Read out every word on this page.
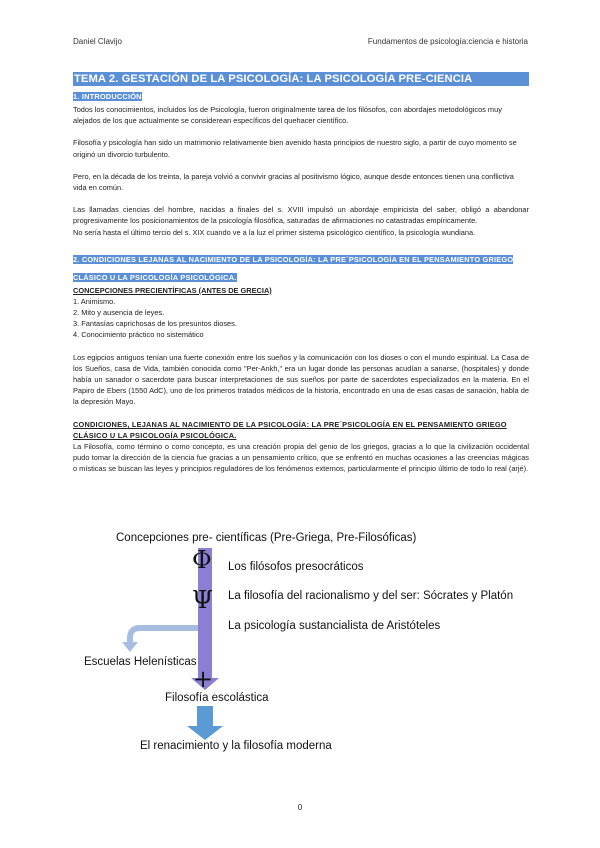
Daniel Clavijo	Fundamentos de psicología:ciencia e historia
TEMA 2. GESTACIÓN DE LA PSICOLOGÍA: LA PSICOLOGÍA PRE-CIENCIA
1. INTRODUCCIÓN

Todos los conocimientos, incluidos los de Psicología, fueron originalmente tarea de los filósofos, con abordajes metodológicos muy alejados de los que actualmente se considerean específicos del quehacer científico.

Filosofía y psicología han sido un matrimonio relativamente bien avenido hasta principios de nuestro siglo, a partir de cuyo momento se originó un divorcio turbulento.

Pero, en la década de los treinta, la pareja volvió a convivir gracias al positivismo lógico, aunque desde entonces tienen una conflictiva vida en común.

Las llamadas ciencias del hombre, nacidas a finales del s. XVIII impulsó un abordaje empiricista del saber, obligó a abandonar progresivamente los posicionamientos de la psicología filosófica, saturadas de afirmaciones no catastradas empíricamente.

No sería hasta el último tercio del s. XIX cuando ve a la luz el primer sistema psicológico científico, la psicología wundiana.

2. CONDICIONES LEJANAS AL NACIMIENTO DE LA PSICOLOGÍA: LA PRE´PSICOLOGÍA EN EL PENSAMIENTO GRIEGO CLÁSICO U LA PSICOLOGÍA PSICOLÓGICA.
CONCEPCIONES PRECIENTÍFICAS (ANTES DE GRECIA)
1. Animismo.
2. Mito y ausencia de leyes.
3. Fantasías caprichosas de los presuntos dioses.
4. Conocimiento práctico no sistemático

Los egipcios antiguos tenían una fuerte conexión entre los sueños y la comunicación con los dioses o con el mundo espiritual. La Casa de los Sueños, casa de Vida, también conocida como "Per-Ankh," era un lugar donde las personas acudían a sanarse, (hospitales) y donde había un sanador o sacerdote para buscar interpretaciones de sus sueños por parte de sacerdotes especializados en la materia. En el Papiro de Ebers (1550 AdC), uno de los primeros tratados médicos de la historia, encontrado en una de esas casas de sanación, habla de la depresión Mayo.

CONDICIONES, LEJANAS AL NACIMIENTO DE LA PSICOLOGÍA: LA PRE´PSICOLOGÍA EN EL PENSAMIENTO GRIEGO CLÁSICO U LA PSICOLOGÍA PSICOLÓGICA.

La Filosofía, como término o como concepto, es una creación propia del genio de los griegos, gracias a lo que la civilización occidental pudo tomar la dirección de la ciencia fue gracias a un pensamiento crítico, que se enfrentó en muchas ocasiones a las creencias mágicas o místicas se buscan las leyes y principios reguladores de los fenómenos externos, particularmente el principio último de todo lo real (arjé).

Concepciones pre- científicas (Pre-Griega, Pre-Filosóficas)
Φ Los filósofos presocráticos
Ψ La filosofía del racionalismo y del ser: Sócrates y Platón
La psicología sustancialista de Aristóteles
Escuelas Helenísticas
+
Filosofía escolástica
El renacimiento y la filosofía moderna
0
